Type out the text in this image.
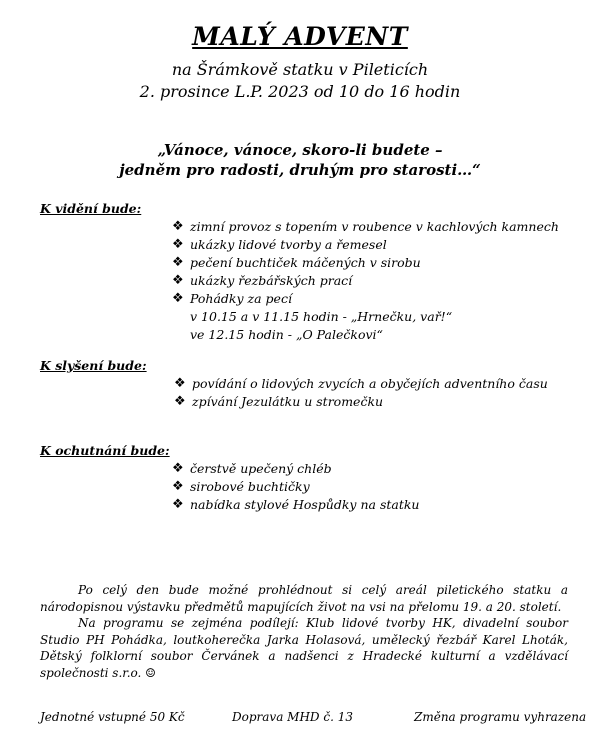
MALÝ ADVENT
na Šrámkově statku v Pileticích
2. prosince L.P. 2023 od 10 do 16 hodin
„Vánoce, vánoce, skoro-li budete –
jedněm pro radosti, druhým pro starosti…“
K vidění bude:
❖ zimní provoz s topením v roubence v kachlových kamnech
❖ ukázky lidové tvorby a řemesel
❖ pečení buchtiček máčených v sirobu
❖ ukázky řezbářských prací
❖ Pohádky za pecí
v 10.15 a v 11.15 hodin - „Hrnečku, vař!“
ve 12.15 hodin - „O Palečkovi“
K slyšení bude:
❖ povídání o lidových zvycích a obyčejích adventního času
❖ zpívání Jezulátku u stromečku
K ochutnání bude:
❖ čerstvě upečený chléb
❖ sirobové buchtičky
❖ nabídka stylové Hospůdky na statku

Po celý den bude možné prohlédnout si celý areál piletického statku a národopisnou výstavku předmětů mapujících život na vsi na přelomu 19. a 20. století.

Na programu se zejména podílejí: Klub lidové tvorby HK, divadelní soubor Studio PH Pohádka, loutkoherečka Jarka Holasová, umělecký řezbář Karel Lhoták, Dětský folklorní soubor Červánek a nadšenci z Hradecké kulturní a vzdělávací společnosti s.r.o. ☺

Jednotné vstupné 50 Kč	Doprava MHD č. 13	Změna programu vyhrazena
